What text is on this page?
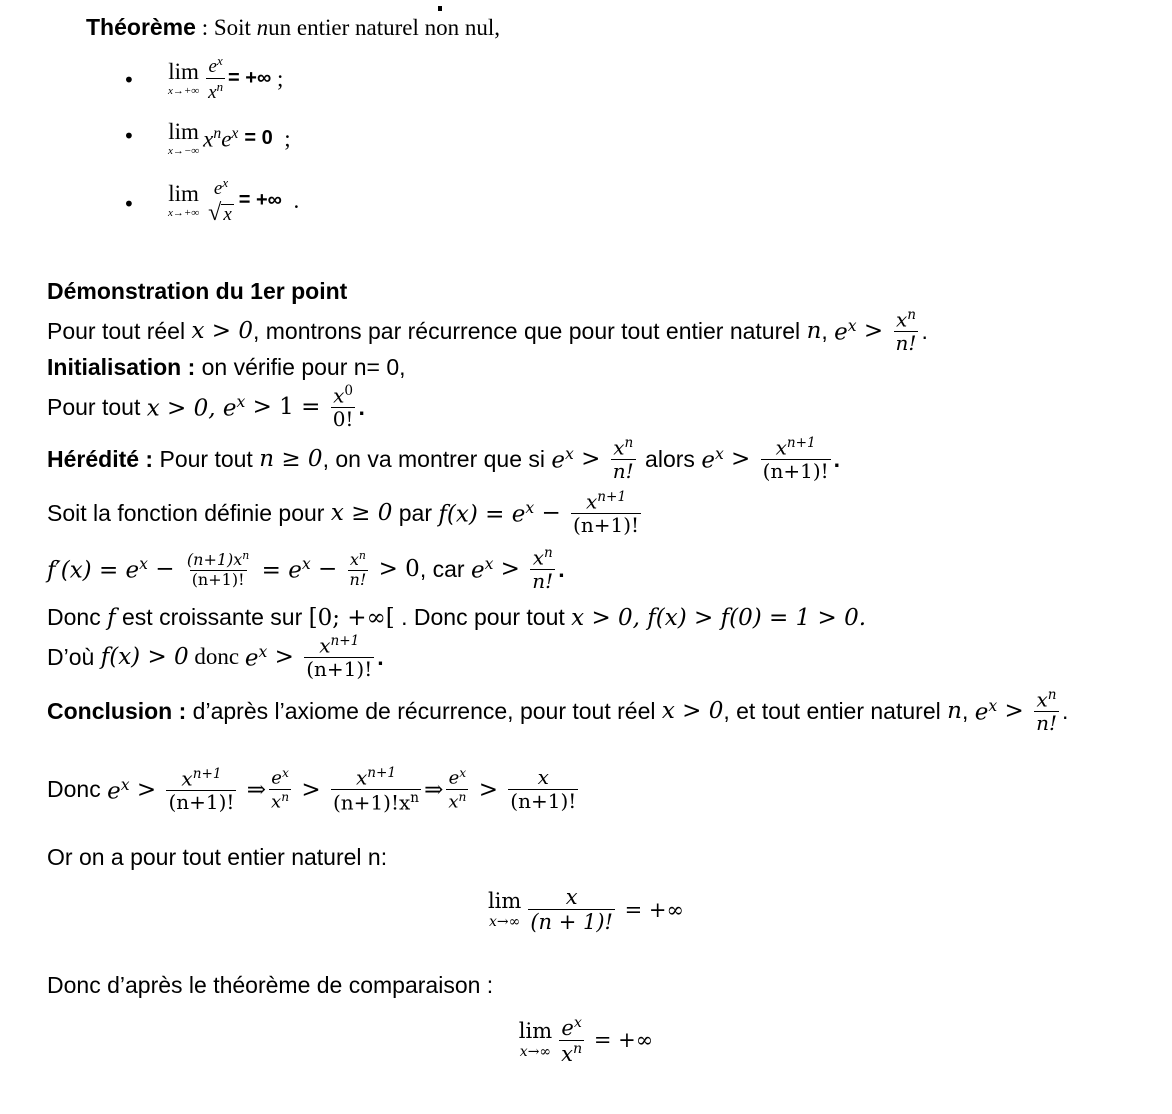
Théorème : Soit n un entier naturel non nul,
• lim
$x\to+\infty \frac{e^x}{x^n}$ = +∞ ;
• lim
x→−∞ $x^ne^x = 0$ ;
• lim
x→+∞
$e^x$
√ x
= +∞ .
Démonstration du 1er point
Pour tout réel x > 0 , montrons par récurrence que pour tout entier naturel n , $e^x > \frac{x^n}{n!}$ .
Initialisation : on vérifie pour n= 0,
Pour tout x > 0, $e^x > 1 = \frac{x^0}{0!}$ .
Hérédité : Pour tout n ≥ 0 , on va montrer que si $e^x > \frac{x^n}{n!}$ alors $e^x > \frac{x^{n+1}}{(n+1)!}$ .
Soit la fonction définie pour x ≥ 0 par $f(x) = e^x - \frac{x^{n+1}}{(n+1)!}$
$f'(x) = e^x - \frac{(n+1)x^n}{(n+1)!} = e^x - \frac{x^n}{n!} > 0$ , car $e^x > \frac{x^n}{n!}$ .
Donc f est croissante sur [0; +∞[ . Donc pour tout x > 0, f(x) > f(0) = 1 > 0.
D’où f(x) > 0 donc $e^x > \frac{x^{n+1}}{(n+1)!}$ .
Conclusion : d’après l’axiome de récurrence, pour tout réel x > 0 , et tout entier naturel n , $e^x > \frac{x^n}{n!}$ .
Donc $e^x > \frac{x^{n+1}}{(n+1)!}$ ⇒ $\frac{e^x}{x^n} > \frac{x^{n+1}}{(n+1)!x^n}$ ⇒ $\frac{e^x}{x^n} > \frac{x}{(n+1)!}$
Or on a pour tout entier naturel n:
lim
$x\to\infty \frac{x}{(n + 1)!}$ = +∞
Donc d’après le théorème de comparaison :
lim
$x\to\infty \frac{e^x}{x^n}$ = +∞
